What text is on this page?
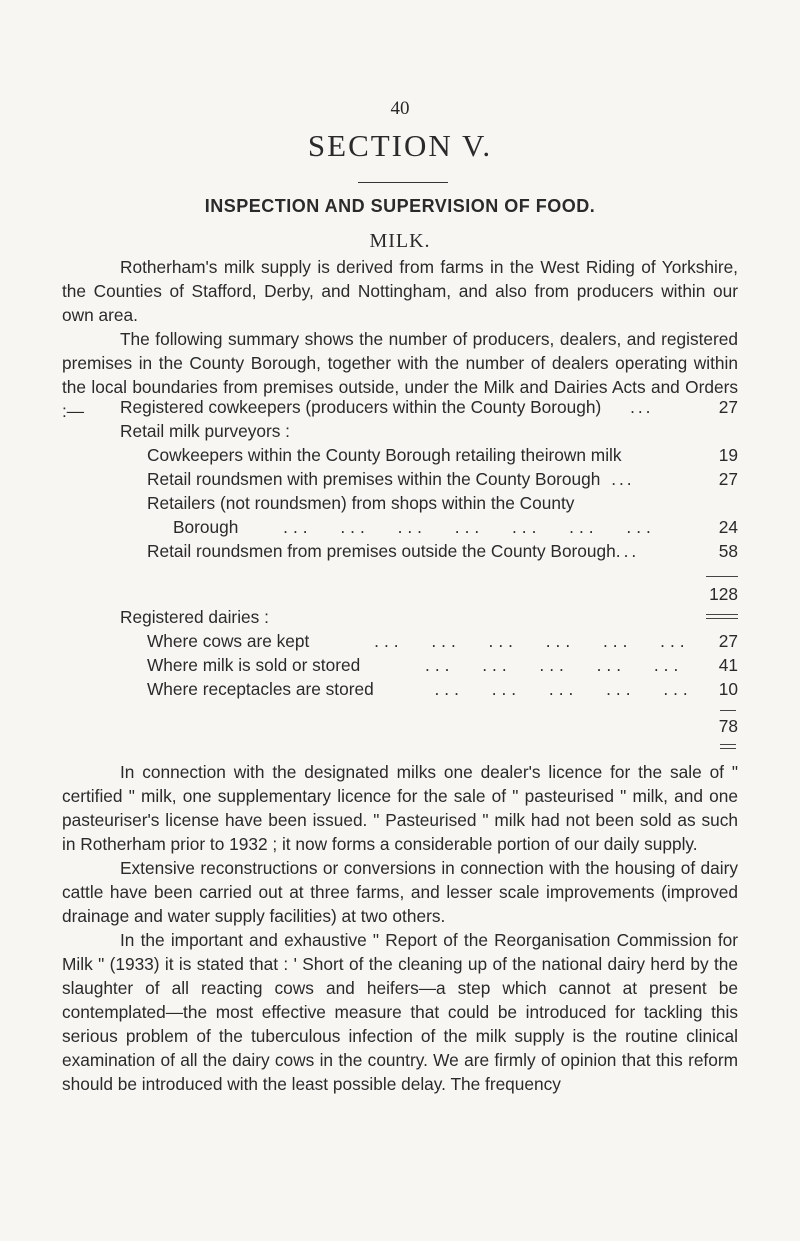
40
SECTION V.
INSPECTION AND SUPERVISION OF FOOD.
MILK.

Rotherham's milk supply is derived from farms in the West Riding of Yorkshire, the Counties of Stafford, Derby, and Nottingham, and also from producers within our own area.

The following summary shows the number of producers, dealers, and registered premises in the County Borough, together with the number of dealers operating within the local boundaries from premises outside, under the Milk and Dairies Acts and Orders :—	Registered cowkeepers (producers within the County Borough) ...	27
Retail milk purveyors :
Cowkeepers within the County Borough retailing theirown milk	19
Retail roundsmen with premises within the County Borough ...	27
Retailers (not roundsmen) from shops within the County
Borough	... ... ... ... ... ... ...	24
Retail roundsmen from premises outside the County Borough...	58
128
Registered dairies :
Where cows are kept	... ... ... ... ... ...	27
Where milk is sold or stored	... ... ... ... ...	41
Where receptacles are stored	... ... ... ... ...	10
78

In connection with the designated milks one dealer's licence for the sale of " certified " milk, one supplementary licence for the sale of " pasteurised " milk, and one pasteuriser's license have been issued. " Pasteurised " milk had not been sold as such in Rotherham prior to 1932 ; it now forms a considerable portion of our daily supply.

Extensive reconstructions or conversions in connection with the housing of dairy cattle have been carried out at three farms, and lesser scale improvements (improved drainage and water supply facilities) at two others.

In the important and exhaustive " Report of the Reorganisation Commission for Milk " (1933) it is stated that : ' Short of the cleaning up of the national dairy herd by the slaughter of all reacting cows and heifers—a step which cannot at present be contemplated—the most effective measure that could be introduced for tackling this serious problem of the tuberculous infection of the milk supply is the routine clinical examination of all the dairy cows in the country. We are firmly of opinion that this reform should be introduced with the least possible delay. The frequency
